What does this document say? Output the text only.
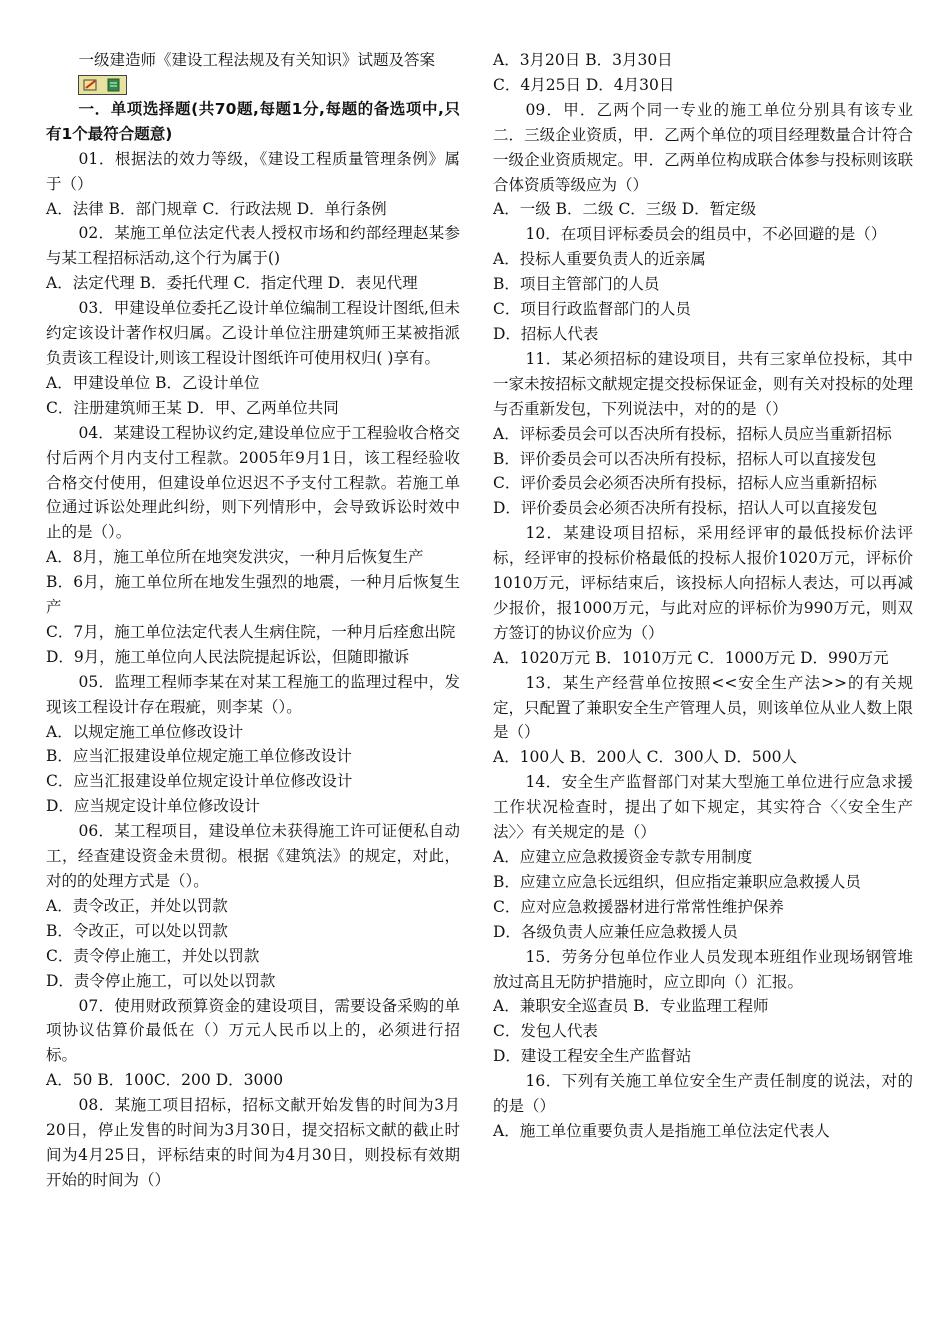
一级建造师《建设工程法规及有关知识》试题及答案

一．单项选择题(共70题,每题1分,每题的备选项中,只有1个最符合题意)

01．根据法的效力等级，《建设工程质量管理条例》属于（）

A．法律 B．部门规章 C．行政法规 D．单行条例

02．某施工单位法定代表人授权市场和约部经理赵某参与某工程招标活动,这个行为属于()

A．法定代理 B．委托代理 C．指定代理 D．表见代理

03．甲建设单位委托乙设计单位编制工程设计图纸,但未约定该设计著作权归属。乙设计单位注册建筑师王某被指派负责该工程设计,则该工程设计图纸许可使用权归( )享有。

A．甲建设单位 B．乙设计单位

C．注册建筑师王某 D．甲、乙两单位共同

04．某建设工程协议约定,建设单位应于工程验收合格交付后两个月内支付工程款。2005年9月1日，该工程经验收合格交付使用，但建设单位迟迟不予支付工程款。若施工单位通过诉讼处理此纠纷，则下列情形中，会导致诉讼时效中止的是（）。

A．8月，施工单位所在地突发洪灾，一种月后恢复生产

B．6月，施工单位所在地发生强烈的地震，一种月后恢复生产

C．7月，施工单位法定代表人生病住院，一种月后痊愈出院

D．9月，施工单位向人民法院提起诉讼，但随即撤诉

05．监理工程师李某在对某工程施工的监理过程中，发现该工程设计存在瑕疵，则李某（）。

A．以规定施工单位修改设计

B．应当汇报建设单位规定施工单位修改设计

C．应当汇报建设单位规定设计单位修改设计

D．应当规定设计单位修改设计

06．某工程项目，建设单位未获得施工许可证便私自动工，经查建设资金未贯彻。根据《建筑法》的规定，对此，对的的处理方式是（）。

A．责令改正，并处以罚款

B．令改正，可以处以罚款

C．责令停止施工，并处以罚款

D．责令停止施工，可以处以罚款

07．使用财政预算资金的建设项目，需要设备采购的单项协议估算价最低在（）万元人民币以上的，必须进行招标。

A．50 B．100C．200 D．3000

08．某施工项目招标，招标文献开始发售的时间为3月20日，停止发售的时间为3月30日，提交招标文献的截止时间为4月25日，评标结束的时间为4月30日，则投标有效期开始的时间为（）

A．3月20日 B．3月30日

C．4月25日 D．4月30日

09．甲．乙两个同一专业的施工单位分别具有该专业二．三级企业资质，甲．乙两个单位的项目经理数量合计符合一级企业资质规定。甲．乙两单位构成联合体参与投标则该联合体资质等级应为（）

A．一级 B．二级 C．三级 D．暂定级

10．在项目评标委员会的组员中，不必回避的是（）

A．投标人重要负责人的近亲属

B．项目主管部门的人员

C．项目行政监督部门的人员

D．招标人代表

11．某必须招标的建设项目，共有三家单位投标，其中一家未按招标文献规定提交投标保证金，则有关对投标的处理与否重新发包，下列说法中，对的的是（）

A．评标委员会可以否决所有投标，招标人员应当重新招标

B．评价委员会可以否决所有投标，招标人可以直接发包

C．评价委员会必须否决所有投标，招标人应当重新招标

D．评价委员会必须否决所有投标，招认人可以直接发包

12．某建设项目招标，采用经评审的最低投标价法评标，经评审的投标价格最低的投标人报价1020万元，评标价1010万元，评标结束后，该投标人向招标人表达，可以再减少报价，报1000万元，与此对应的评标价为990万元，则双方签订的协议价应为（）

A．1020万元 B．1010万元 C．1000万元 D．990万元

13．某生产经营单位按照<<安全生产法>>的有关规定，只配置了兼职安全生产管理人员，则该单位从业人数上限是（）

A．100人 B．200人 C．300人 D．500人

14．安全生产监督部门对某大型施工单位进行应急求援工作状况检查时，提出了如下规定，其实符合〈〈安全生产法〉〉有关规定的是（）

A．应建立应急救援资金专款专用制度

B．应建立应急长远组织，但应指定兼职应急救援人员

C．应对应急救援器材进行常常性维护保养

D．各级负责人应兼任应急救援人员

15．劳务分包单位作业人员发现本班组作业现场钢管堆放过高且无防护措施时，应立即向（）汇报。

A．兼职安全巡查员 B．专业监理工程师

C．发包人代表

D．建设工程安全生产监督站

16．下列有关施工单位安全生产责任制度的说法，对的的是（）

A．施工单位重要负责人是指施工单位法定代表人
